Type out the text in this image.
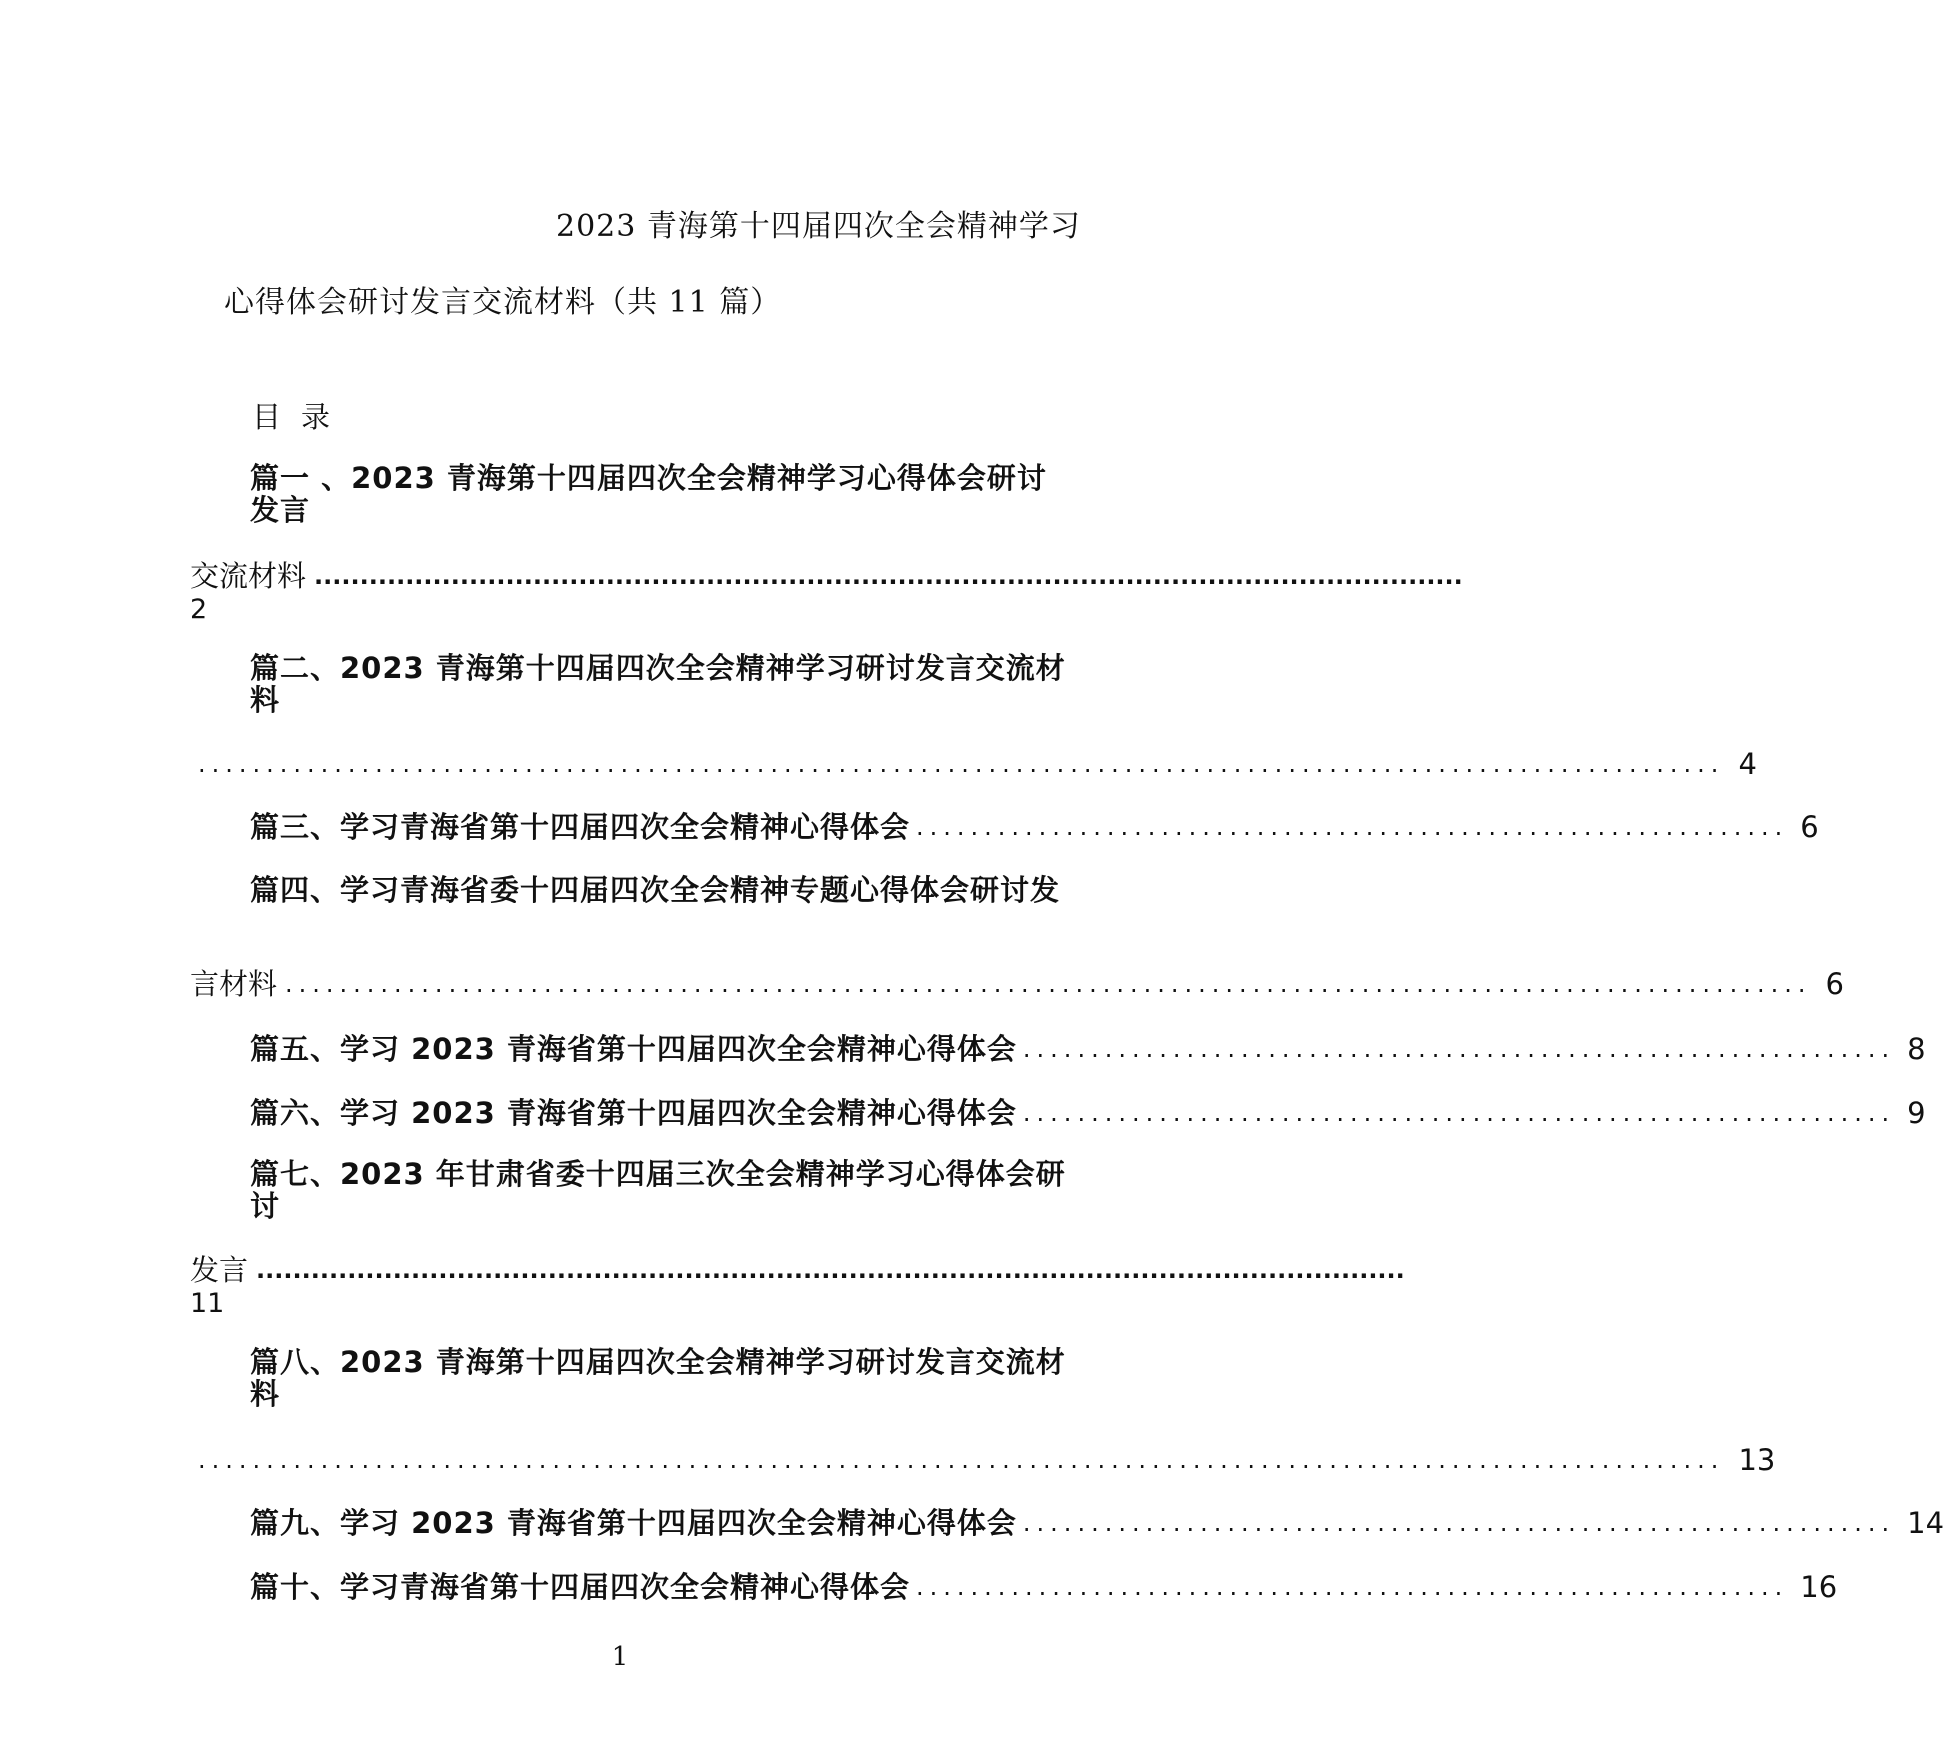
2023 青海第十四届四次全会精神学习
心得体会研讨发言交流材料（共 11 篇）
目录
篇一 、2023 青海第十四届四次全会精神学习心得体会研讨发言
交流材料 ..............................................................................................................................
2
篇二、2023 青海第十四届四次全会精神学习研讨发言交流材料
................................................................................................................ 4
篇三、学习青海省第十四届四次全会精神心得体会 ................................................................ 6
篇四、学习青海省委十四届四次全会精神专题心得体会研讨发
言材料 ................................................................................................................ 6
篇五、学习 2023 青海省第十四届四次全会精神心得体会 ................................................................ 8
篇六、学习 2023 青海省第十四届四次全会精神心得体会 ................................................................ 9
篇七、2023 年甘肃省委十四届三次全会精神学习心得体会研讨
发言 ..............................................................................................................................
11
篇八、2023 青海第十四届四次全会精神学习研讨发言交流材料
................................................................................................................ 13
篇九、学习 2023 青海省第十四届四次全会精神心得体会 ................................................................ 14
篇十、学习青海省第十四届四次全会精神心得体会 ................................................................ 16
1
